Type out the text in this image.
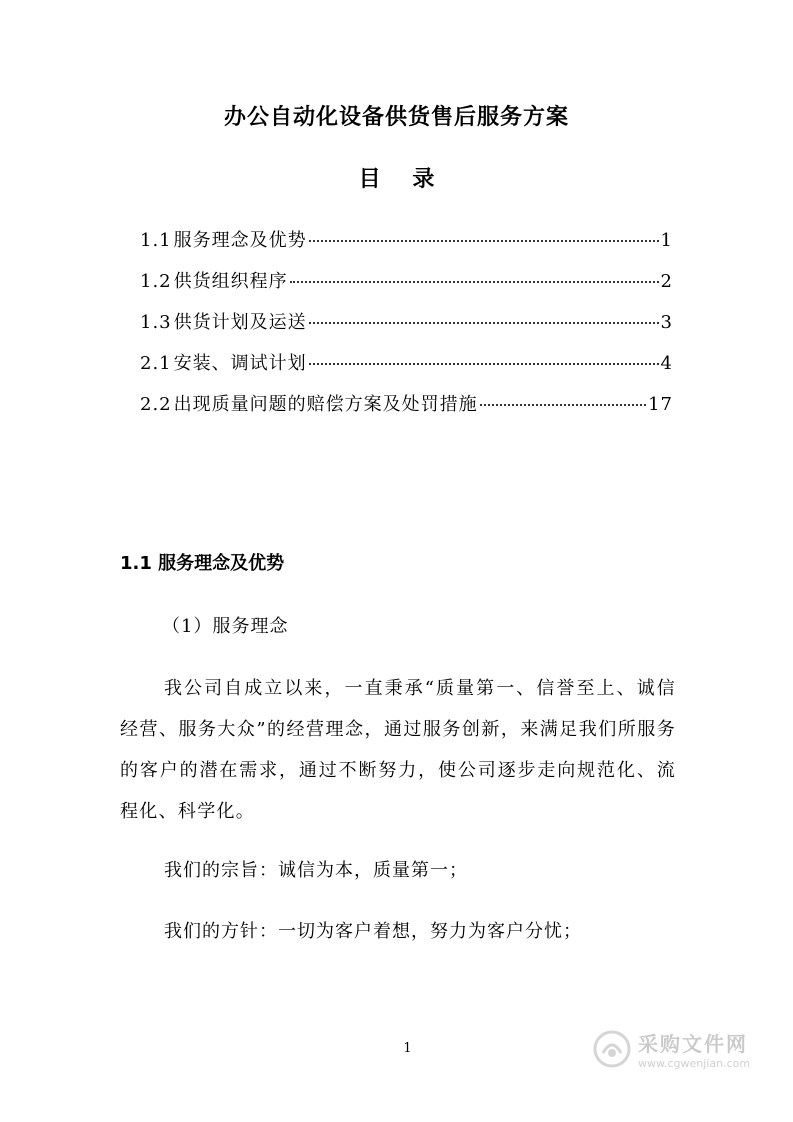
办公自动化设备供货售后服务方案
目 录
1.1 服务理念及优势	1
1.2 供货组织程序	2
1.3 供货计划及运送	3
2.1 安装、调试计划	4
2.2 出现质量问题的赔偿方案及处罚措施	17
1.1 服务理念及优势
（1）服务理念
我公司自成立以来，一直秉承“质量第一、信誉至上、诚信经营、服务大众”的经营理念，通过服务创新，来满足我们所服务的客户的潜在需求，通过不断努力，使公司逐步走向规范化、流程化、科学化。
我们的宗旨：诚信为本，质量第一；
我们的方针：一切为客户着想，努力为客户分忧；
1	采购文件网
www.cgwenjian.com
